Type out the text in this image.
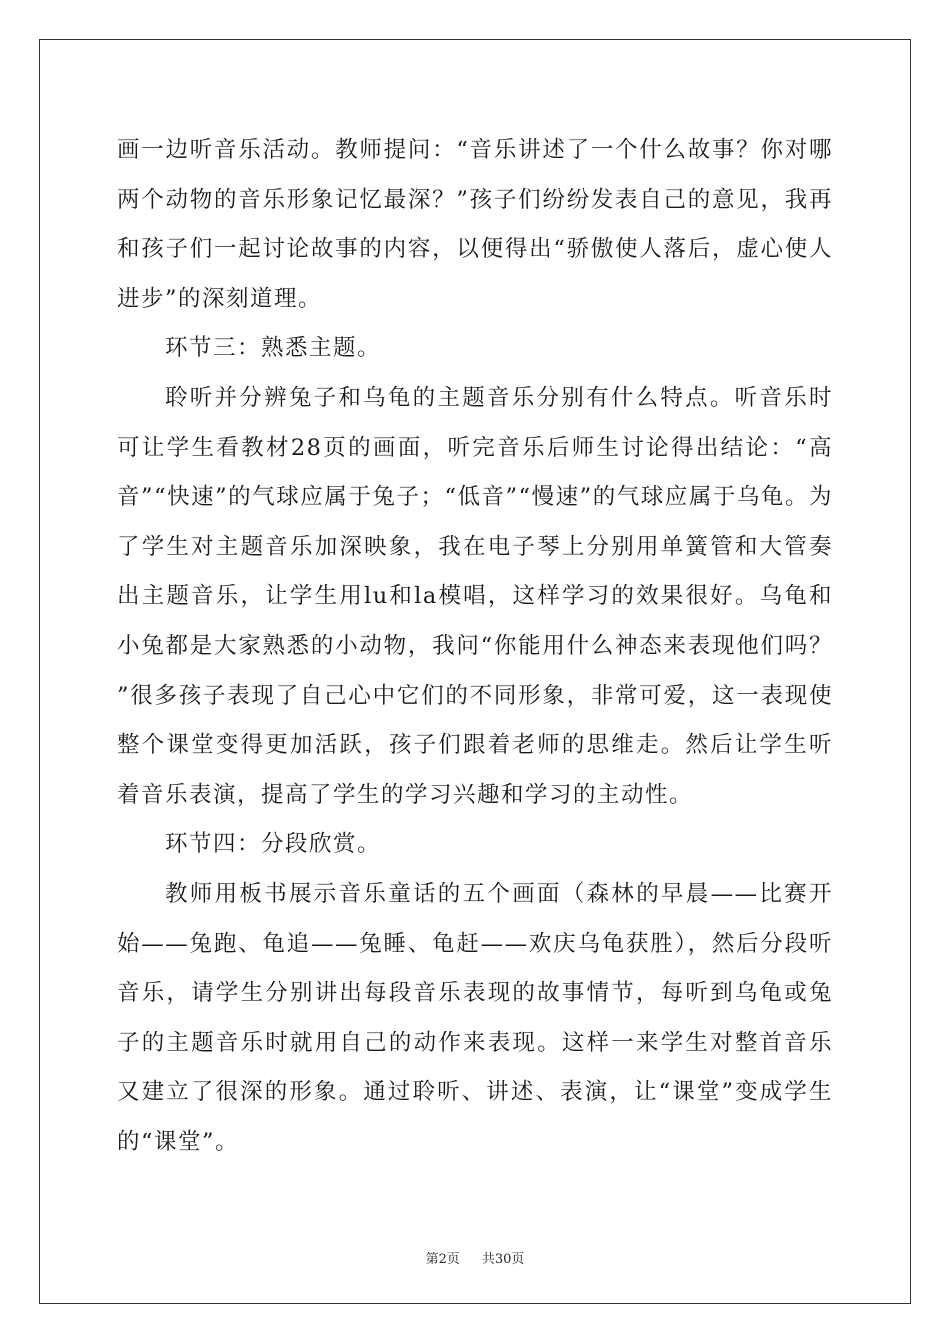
画一边听音乐活动。教师提问：“音乐讲述了一个什么故事？你对哪两个动物的音乐形象记忆最深？”孩子们纷纷发表自己的意见，我再和孩子们一起讨论故事的内容，以便得出“骄傲使人落后，虚心使人进步”的深刻道理。

环节三：熟悉主题。

聆听并分辨兔子和乌龟的主题音乐分别有什么特点。听音乐时可让学生看教材28页的画面，听完音乐后师生讨论得出结论：“高音”“快速”的气球应属于兔子；“低音”“慢速”的气球应属于乌龟。为了学生对主题音乐加深映象，我在电子琴上分别用单簧管和大管奏出主题音乐，让学生用lu和la模唱，这样学习的效果很好。乌龟和小兔都是大家熟悉的小动物，我问“你能用什么神态来表现他们吗？”很多孩子表现了自己心中它们的不同形象，非常可爱，这一表现使整个课堂变得更加活跃，孩子们跟着老师的思维走。然后让学生听着音乐表演，提高了学生的学习兴趣和学习的主动性。

环节四：分段欣赏。

教师用板书展示音乐童话的五个画面（森林的早晨——比赛开始——兔跑、龟追——兔睡、龟赶——欢庆乌龟获胜），然后分段听音乐，请学生分别讲出每段音乐表现的故事情节，每听到乌龟或兔子的主题音乐时就用自己的动作来表现。这样一来学生对整首音乐又建立了很深的形象。通过聆听、讲述、表演，让“课堂”变成学生的“课堂”。

第2页 共30页
